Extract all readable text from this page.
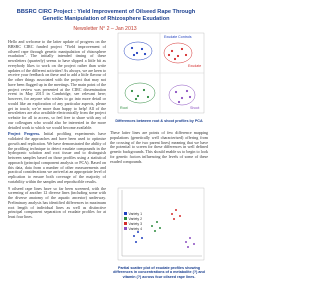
BBSRC CIRC Project : Yield Improvement of Oilseed Rape Through Genetic Manipulation of Rhizosphere Exudation
Newsletter N° 2 – Jan 2013

Hello and welcome to the latter update of progress on the BBSRC CIRC funded project "Yield improvement of oilseed rape through genetic manipulation of rhizosphere exudation". The initially intended timing of these newsletters (quarterly) seems to have slipped a little bit as everybody likes to work on the project rather than write updates of the different activities! As always, we are keen to receive your feedback on these and to add a little flavour of the other things associated with the project that may not have been flagged up in the meetings. The main point of the project review was presented at the CIRC dissemination event in May 2013 in Cambridge, see relevant here; however, for anyone who wishes to go into more detail or would like an exploration of any particular aspects, please get in touch; we’re more than happy to help! All of the newsletters are also available electronically from the project website for all to access, so feel free to share with any of our colleagues who would also be interested in the more detailed work to which we would become available.

Project Progress. Initial profiling experiments have validated the approaches and have been used to optimise growth and replication. We have demonstrated the ability of the profiling technique to detect exudate compounds in the hydroponic solution and root tissue and to distinguish between samples based on those profiles using a statistical approach (principal component analysis or PCA). Based on this data, data from a number of other measurements and practical considerations we arrived at an appropriate level of replication to ensure both coverage of the majority of variability within the samples and reproducible results.

9 oilseed rape lines have so far been screened, with the screening of another 12 diverse lines (including some with the diverse anatomy of the aquatic ancestor) underway. Preliminary analysis has identified differences in maximum root length of individual lines as well as distinctive principal component separation of exudate profiles for at least four lines.

Exudate Controls
Exudate
Root	Shoot

Differences between root & shoot profiles by PCA

These latter lines are points of few difference mapping populations (genetically well characterised) offering from the crossing of the two parent lines) meaning that we have the potential to screen for these differences in well defined genetic backgrounds. This should enable us to begin to look for genetic factors influencing the levels of some of these exuded compounds.

Variety 1
Variety 2
Variety 3
Variety 4

Partial scatter plot of exudate profiles showing differences in concentrations of a metabolite (?) and vitamin (?) across four oilseed rape lines.
